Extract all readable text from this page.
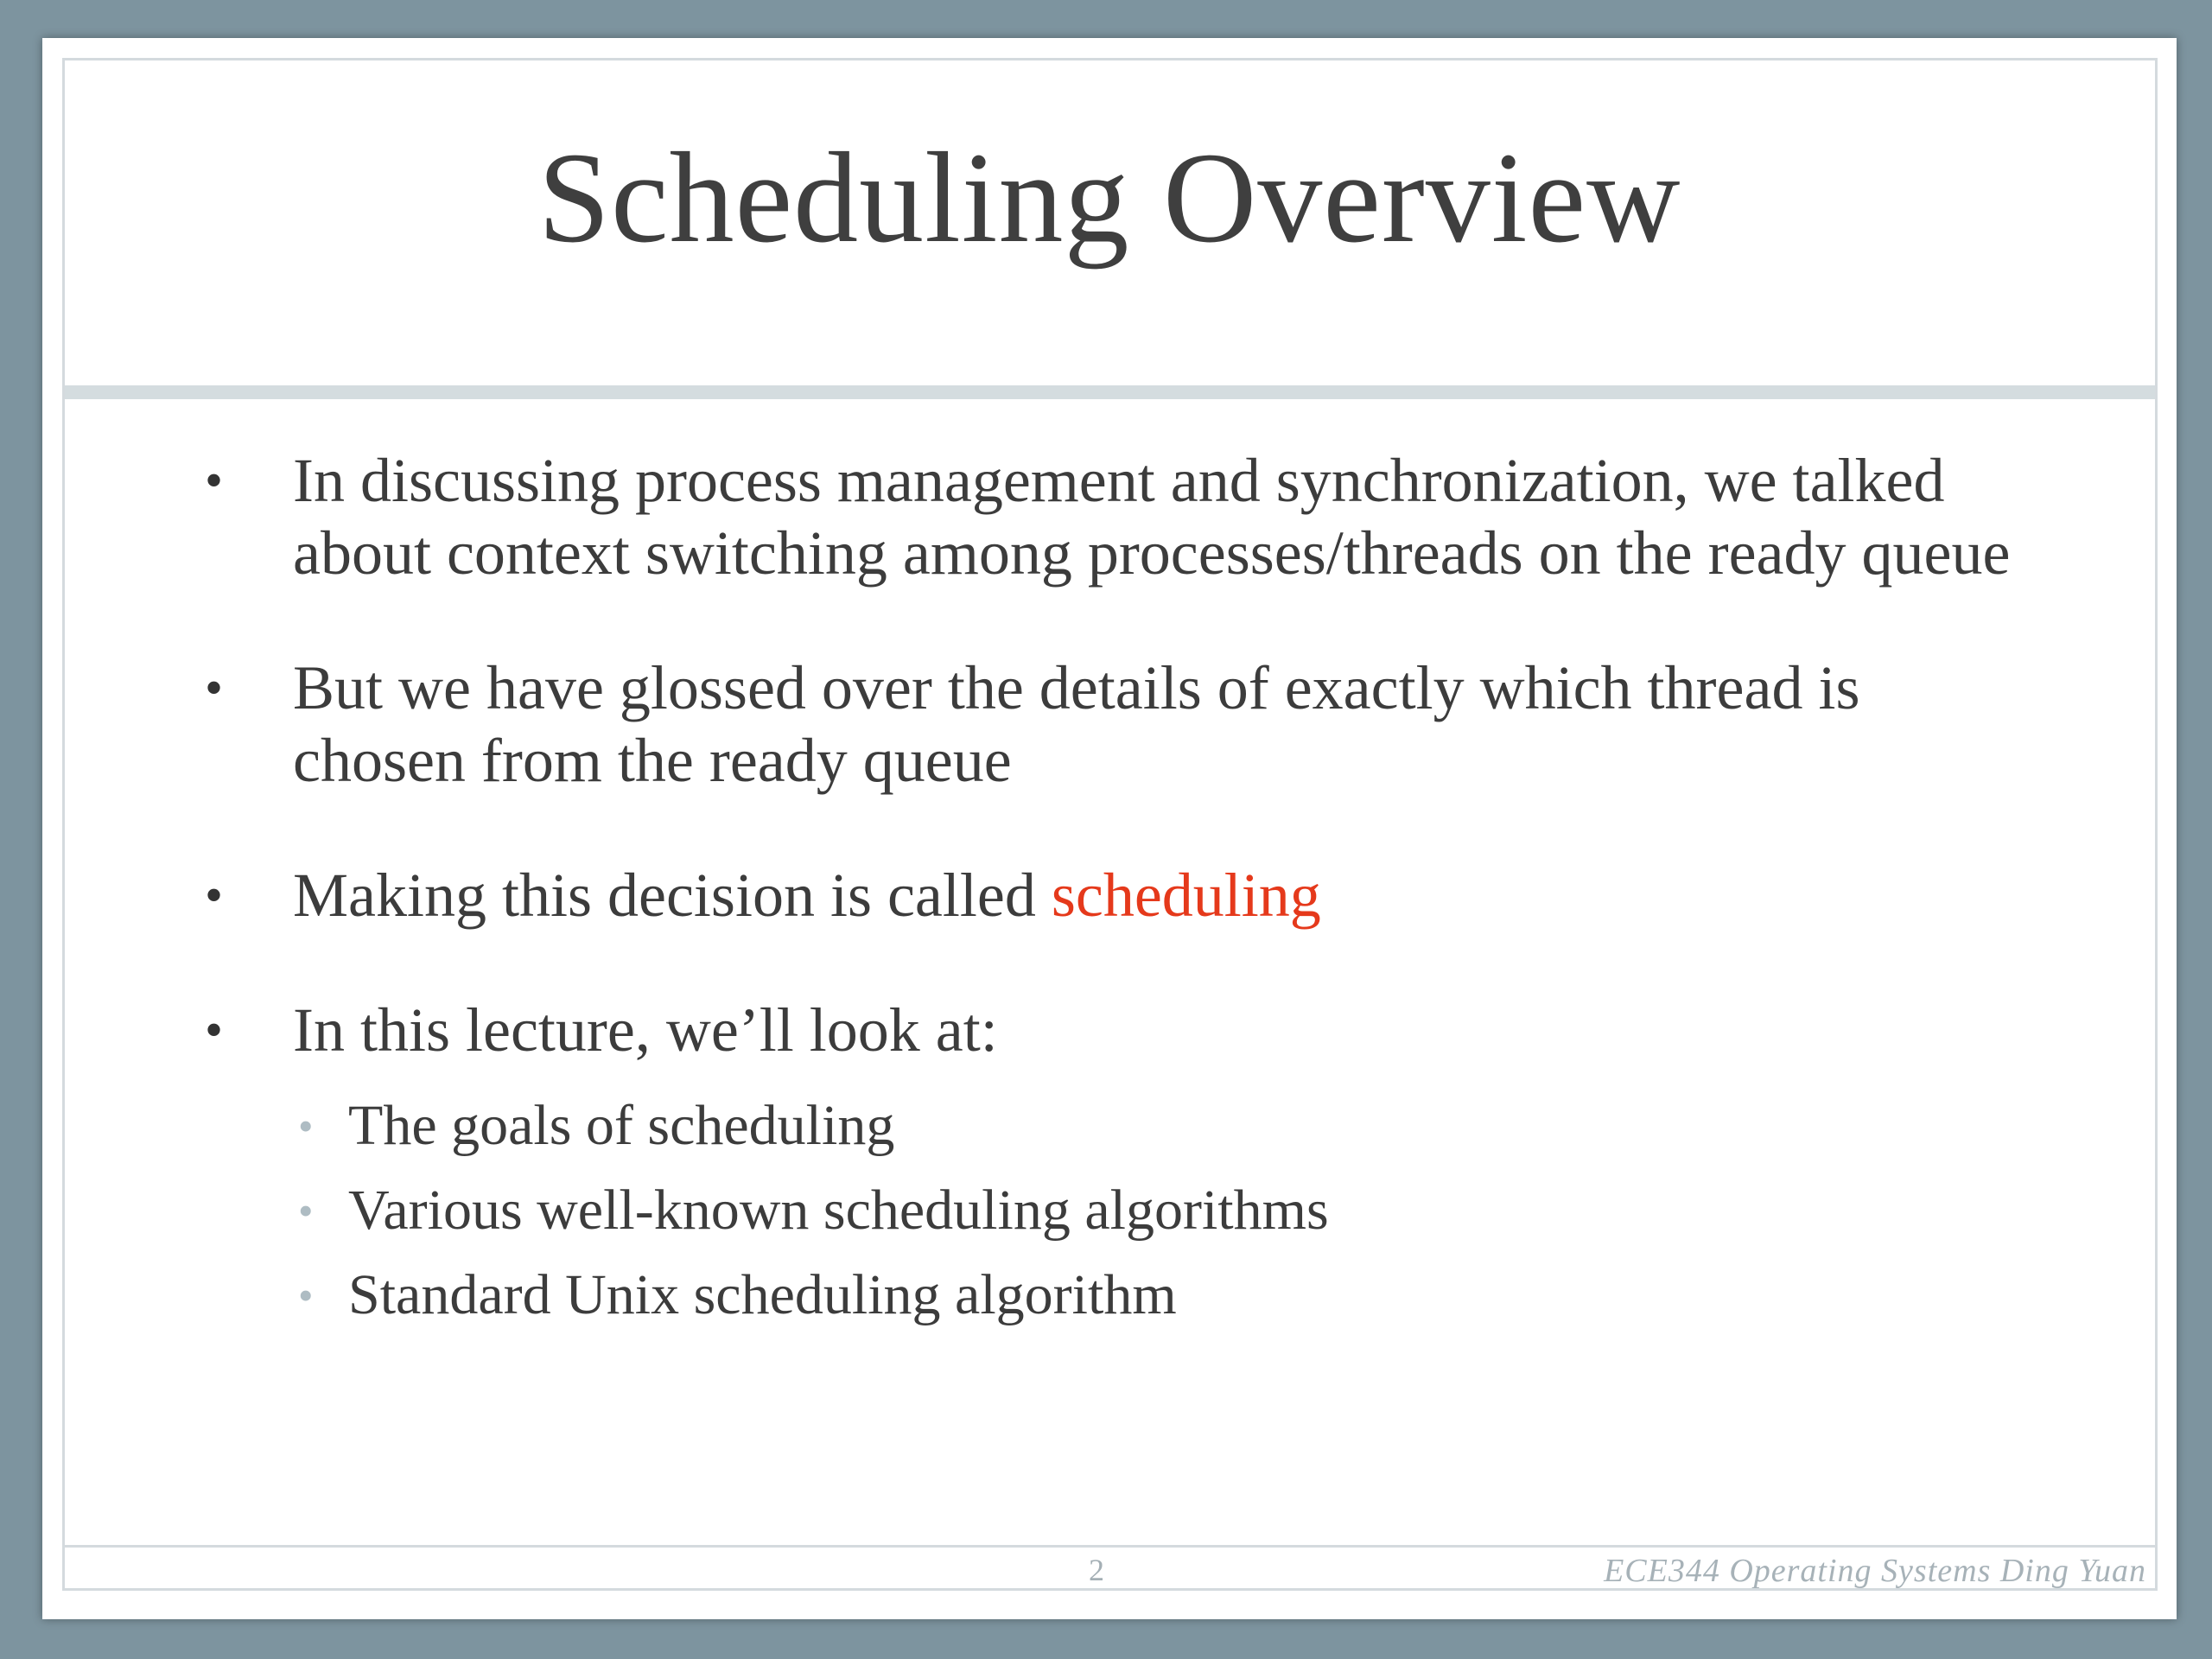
Scheduling Overview
• In discussing process management and synchronization, we talked about context switching among processes/threads on the ready queue
• But we have glossed over the details of exactly which thread is chosen from the ready queue
• Making this decision is called scheduling
• In this lecture, we’ll look at:
• The goals of scheduling
• Various well-known scheduling algorithms
• Standard Unix scheduling algorithm
2	ECE344 Operating Systems Ding Yuan
